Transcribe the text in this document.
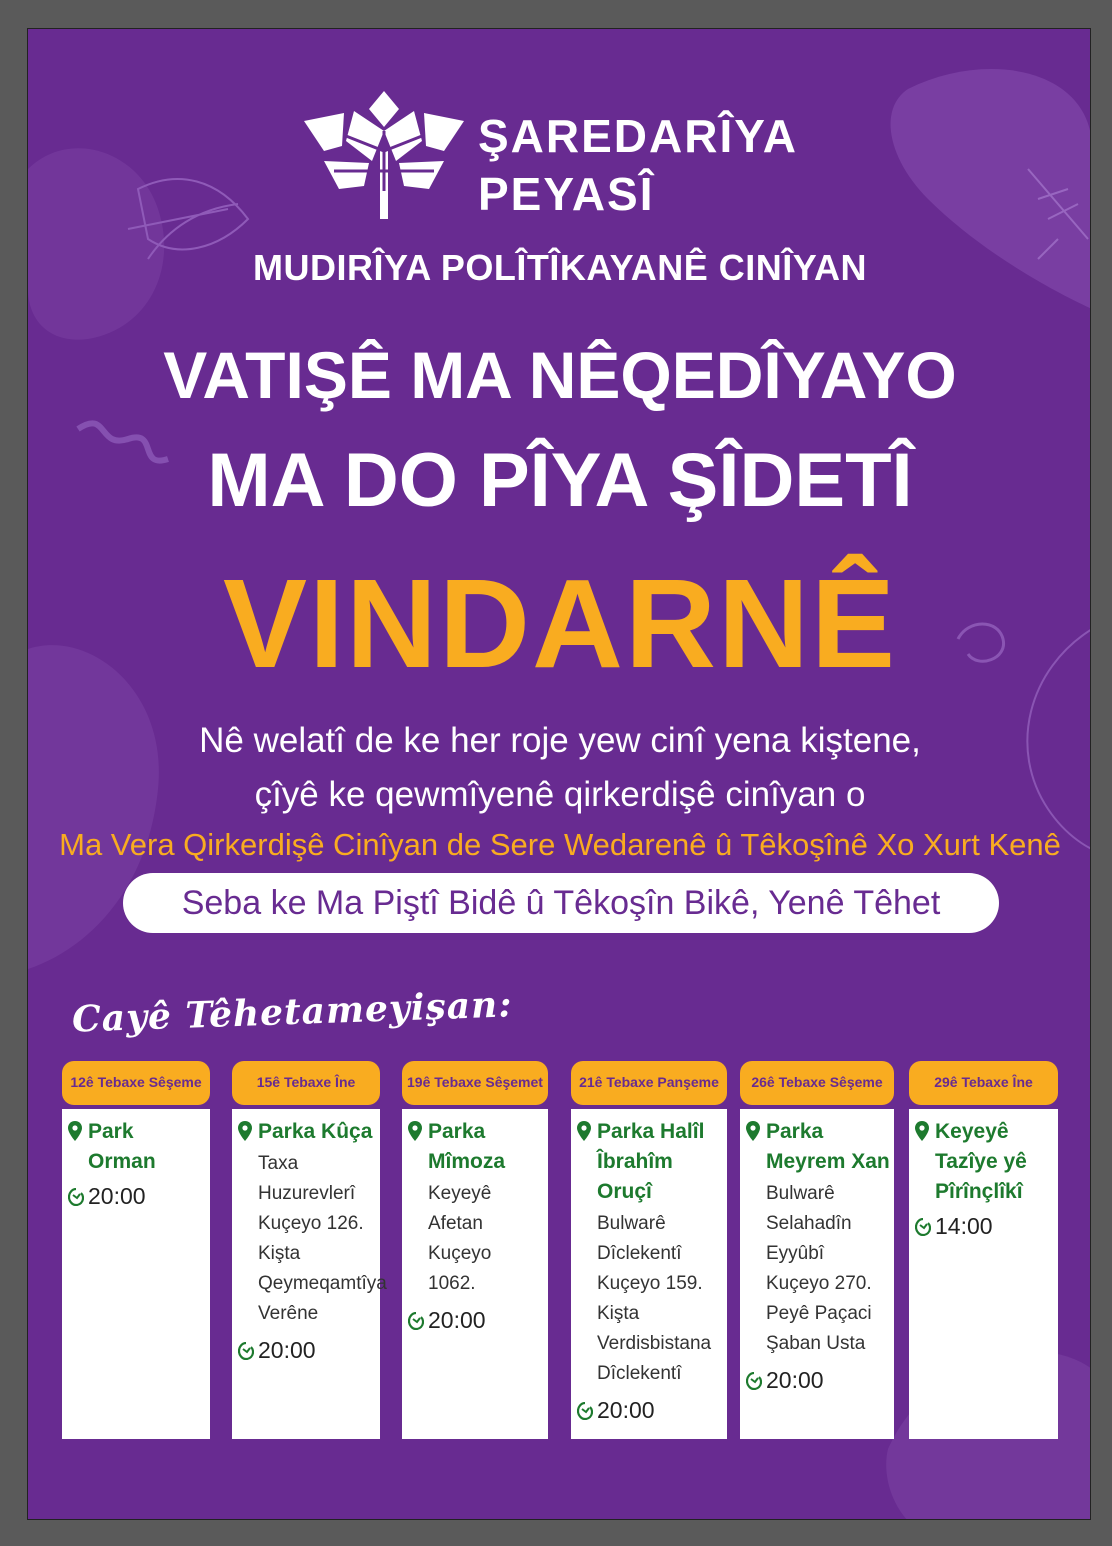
ŞAREDARÎYA
PEYASÎ
MUDIRÎYA POLÎTÎKAYANÊ CINÎYAN
VATIŞÊ MA NÊQEDÎYAYO
MA DO PÎYA ŞÎDETÎ
VINDARNÊ
Nê welatî de ke her roje yew cinî yena kiştene,
çîyê ke qewmîyenê qirkerdişê cinîyan o
Ma Vera Qirkerdişê Cinîyan de Sere Wedarenê û Têkoşînê Xo Xurt Kenê
Seba ke Ma Piştî Bidê û Têkoşîn Bikê, Yenê Têhet
Cayê Têhetameyişan:
12ê Tebaxe Sêşeme
Park Orman
20:00
15ê Tebaxe Îne
Parka Kûça
Taxa Huzurevlerî Kuçeyo 126. Kişta Qeymeqamtîya Verêne
20:00
19ê Tebaxe Sêşemet
Parka Mîmoza
Keyeyê Afetan Kuçeyo 1062.
20:00
21ê Tebaxe Panşeme
Parka Halîl Îbrahîm Oruçî
Bulwarê Dîclekentî Kuçeyo 159. Kişta Verdisbistana Dîclekentî
20:00
26ê Tebaxe Sêşeme
Parka Meyrem Xan
Bulwarê Selahadîn Eyyûbî Kuçeyo 270. Peyê Paçaci Şaban Usta
20:00
29ê Tebaxe Îne
Keyeyê Tazîye yê Pîrînçlîkî
14:00
